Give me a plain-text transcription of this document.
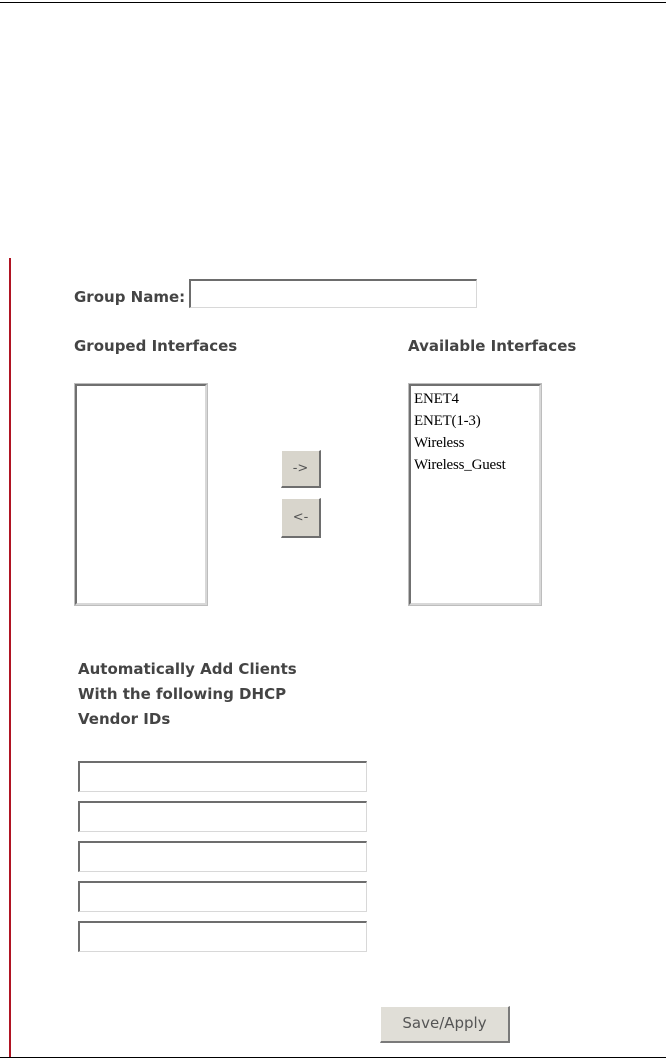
Group Name:
Grouped Interfaces	Available Interfaces
->
<-
ENET4
ENET(1-3)
Wireless
Wireless_Guest
Automatically Add Clients With the following DHCP Vendor IDs
Save/Apply
